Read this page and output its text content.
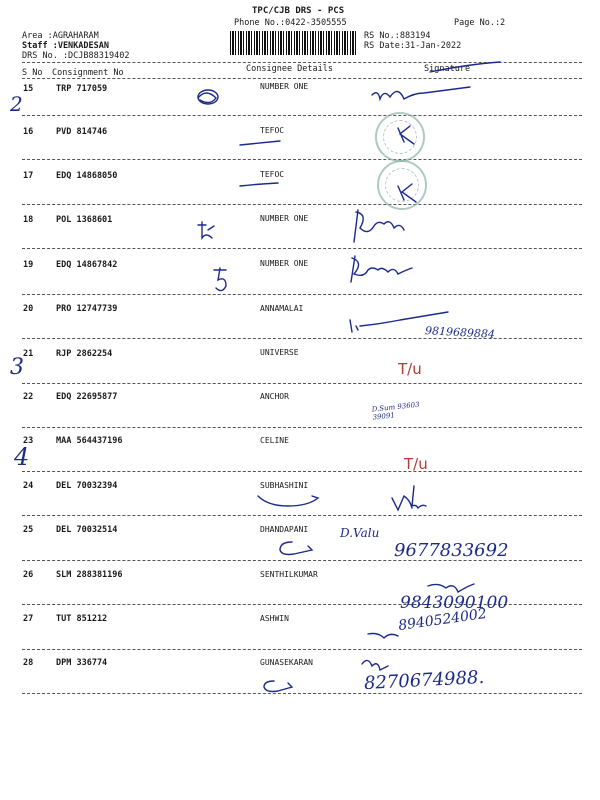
TPC/CJB DRS - PCS
Phone No.:0422-3505555	Page No.:2
Area :AGRAHARAM
Staff :VENKADESAN
DRS No. :DCJB88319402
RS No.:883194
RS Date:31-Jan-2022
S No Consignment No	Consignee Details	Signature
15	TRP 717059	NUMBER ONE
16	PVD 814746	TEFOC
17	EDQ 14868050	TEFOC
18	POL 1368601	NUMBER ONE
19	EDQ 14867842	NUMBER ONE
20	PRO 12747739	ANNAMALAI
21	RJP 2862254	UNIVERSE
22	EDQ 22695877	ANCHOR
23	MAA 564437196	CELINE
24	DEL 70032394	SUBHASHINI
25	DEL 70032514	DHANDAPANI
26	SLM 288381196	SENTHILKUMAR
27	TUT 851212	ASHWIN
28	DPM 336774	GUNASEKARAN
2
3
4
9819689884
T/u
D.Sum 93603 39091
T/u
D.Valu
9677833692
9843090100
8940524002
8270674988.
